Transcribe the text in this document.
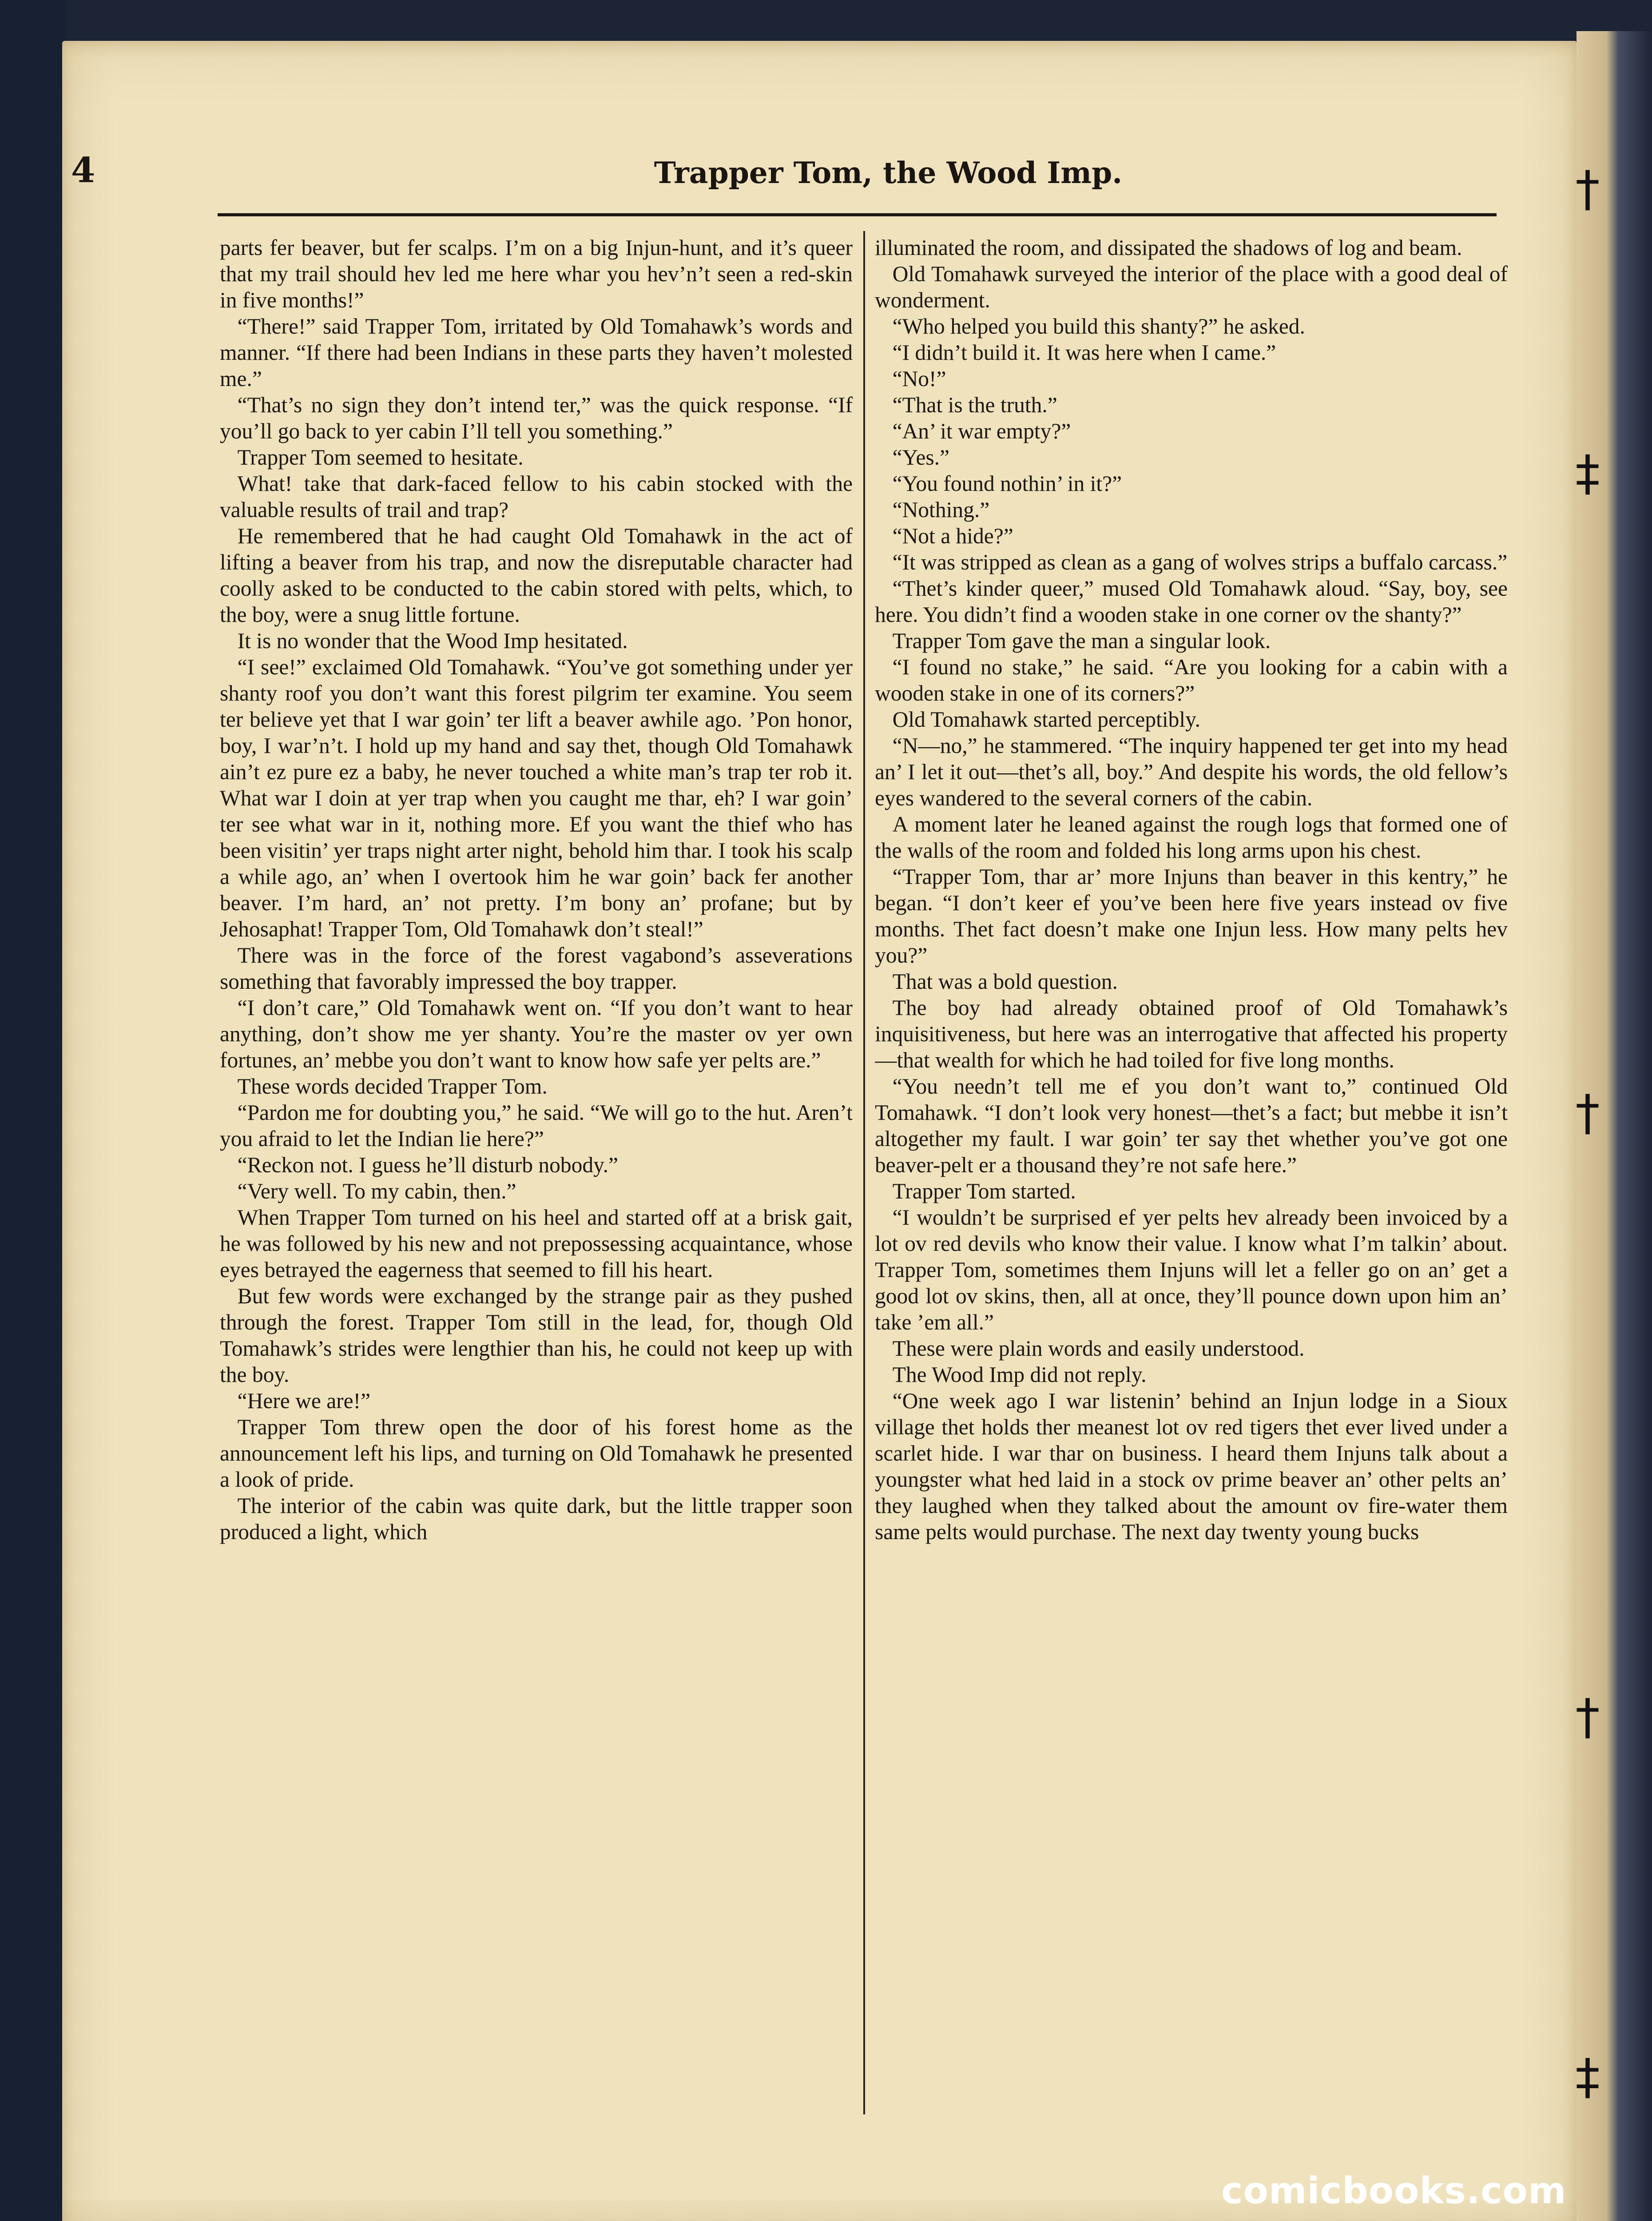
†
‡
†
†
‡
4	Trapper Tom, the Wood Imp.

parts fer beaver, but fer scalps. I’m on a big Injun-hunt, and it’s queer that my trail should hev led me here whar you hev’n’t seen a red-skin in five months!”

“There!” said Trapper Tom, irritated by Old Tomahawk’s words and manner. “If there had been Indians in these parts they haven’t molested me.”

“That’s no sign they don’t intend ter,” was the quick response. “If you’ll go back to yer cabin I’ll tell you something.”

Trapper Tom seemed to hesitate.

What! take that dark-faced fellow to his cabin stocked with the valuable results of trail and trap?

He remembered that he had caught Old Tomahawk in the act of lifting a beaver from his trap, and now the disreputable character had coolly asked to be conducted to the cabin stored with pelts, which, to the boy, were a snug little fortune.

It is no wonder that the Wood Imp hesitated.

“I see!” exclaimed Old Tomahawk. “You’ve got something under yer shanty roof you don’t want this forest pilgrim ter examine. You seem ter believe yet that I war goin’ ter lift a beaver awhile ago. ’Pon honor, boy, I war’n’t. I hold up my hand and say thet, though Old Tomahawk ain’t ez pure ez a baby, he never touched a white man’s trap ter rob it. What war I doin at yer trap when you caught me thar, eh? I war goin’ ter see what war in it, nothing more. Ef you want the thief who has been visitin’ yer traps night arter night, behold him thar. I took his scalp a while ago, an’ when I overtook him he war goin’ back fer another beaver. I’m hard, an’ not pretty. I’m bony an’ profane; but by Jehosaphat! Trapper Tom, Old Tomahawk don’t steal!”

There was in the force of the forest vagabond’s asseverations something that favorably impressed the boy trapper.

“I don’t care,” Old Tomahawk went on. “If you don’t want to hear anything, don’t show me yer shanty. You’re the master ov yer own fortunes, an’ mebbe you don’t want to know how safe yer pelts are.”

These words decided Trapper Tom.

“Pardon me for doubting you,” he said. “We will go to the hut. Aren’t you afraid to let the Indian lie here?”

“Reckon not. I guess he’ll disturb nobody.”

“Very well. To my cabin, then.”

When Trapper Tom turned on his heel and started off at a brisk gait, he was followed by his new and not prepossessing acquaintance, whose eyes betrayed the eagerness that seemed to fill his heart.

But few words were exchanged by the strange pair as they pushed through the forest. Trapper Tom still in the lead, for, though Old Tomahawk’s strides were lengthier than his, he could not keep up with the boy.

“Here we are!”

Trapper Tom threw open the door of his forest home as the announcement left his lips, and turning on Old Tomahawk he presented a look of pride.

The interior of the cabin was quite dark, but the little trapper soon produced a light, which

illuminated the room, and dissipated the shadows of log and beam.

Old Tomahawk surveyed the interior of the place with a good deal of wonderment.

“Who helped you build this shanty?” he asked.

“I didn’t build it. It was here when I came.”

“No!”

“That is the truth.”

“An’ it war empty?”

“Yes.”

“You found nothin’ in it?”

“Nothing.”

“Not a hide?”

“It was stripped as clean as a gang of wolves strips a buffalo carcass.”

“Thet’s kinder queer,” mused Old Tomahawk aloud. “Say, boy, see here. You didn’t find a wooden stake in one corner ov the shanty?”

Trapper Tom gave the man a singular look.

“I found no stake,” he said. “Are you looking for a cabin with a wooden stake in one of its corners?”

Old Tomahawk started perceptibly.

“N—no,” he stammered. “The inquiry happened ter get into my head an’ I let it out—thet’s all, boy.” And despite his words, the old fellow’s eyes wandered to the several corners of the cabin.

A moment later he leaned against the rough logs that formed one of the walls of the room and folded his long arms upon his chest.

“Trapper Tom, thar ar’ more Injuns than beaver in this kentry,” he began. “I don’t keer ef you’ve been here five years instead ov five months. Thet fact doesn’t make one Injun less. How many pelts hev you?”

That was a bold question.

The boy had already obtained proof of Old Tomahawk’s inquisitiveness, but here was an interrogative that affected his property—that wealth for which he had toiled for five long months.

“You needn’t tell me ef you don’t want to,” continued Old Tomahawk. “I don’t look very honest—thet’s a fact; but mebbe it isn’t altogether my fault. I war goin’ ter say thet whether you’ve got one beaver-pelt er a thousand they’re not safe here.”

Trapper Tom started.

“I wouldn’t be surprised ef yer pelts hev already been invoiced by a lot ov red devils who know their value. I know what I’m talkin’ about. Trapper Tom, sometimes them Injuns will let a feller go on an’ get a good lot ov skins, then, all at once, they’ll pounce down upon him an’ take ’em all.”

These were plain words and easily understood.

The Wood Imp did not reply.

“One week ago I war listenin’ behind an Injun lodge in a Sioux village thet holds ther meanest lot ov red tigers thet ever lived under a scarlet hide. I war thar on business. I heard them Injuns talk about a youngster what hed laid in a stock ov prime beaver an’ other pelts an’ they laughed when they talked about the amount ov fire-water them same pelts would purchase. The next day twenty young bucks

comicbooks.com
